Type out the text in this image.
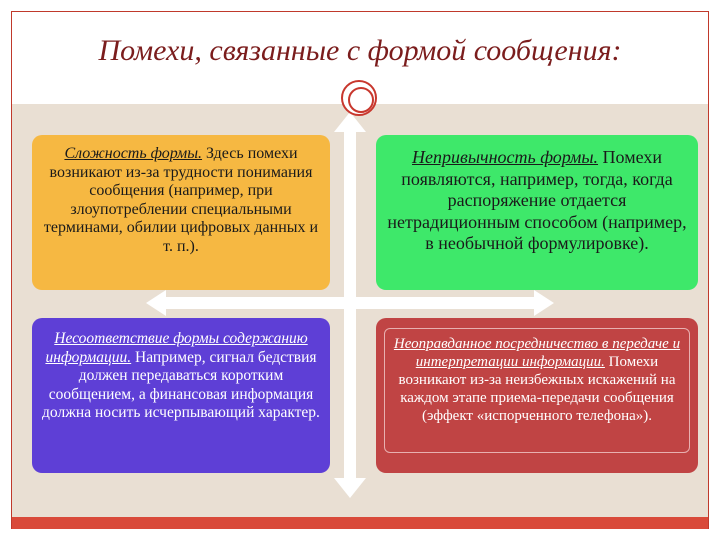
Помехи, связанные с формой сообщения:
Сложность формы. Здесь помехи возникают из-за трудности понимания сообщения (например, при злоупотреблении специальными терминами, обилии цифровых данных и т. п.).
Непривычность формы. Помехи появляются, например, тогда, когда распоряжение отдается нетрадиционным способом (например, в необычной формулировке).
Несоответствие формы содержанию информации. Например, сигнал бедствия должен передаваться коротким сообщением, а финансовая информация должна носить исчерпывающий характер.
Неоправданное посредничество в передаче и интерпретации информации. Помехи возникают из-за неизбежных искажений на каждом этапе приема-передачи сообщения (эффект «испорченного телефона»).
